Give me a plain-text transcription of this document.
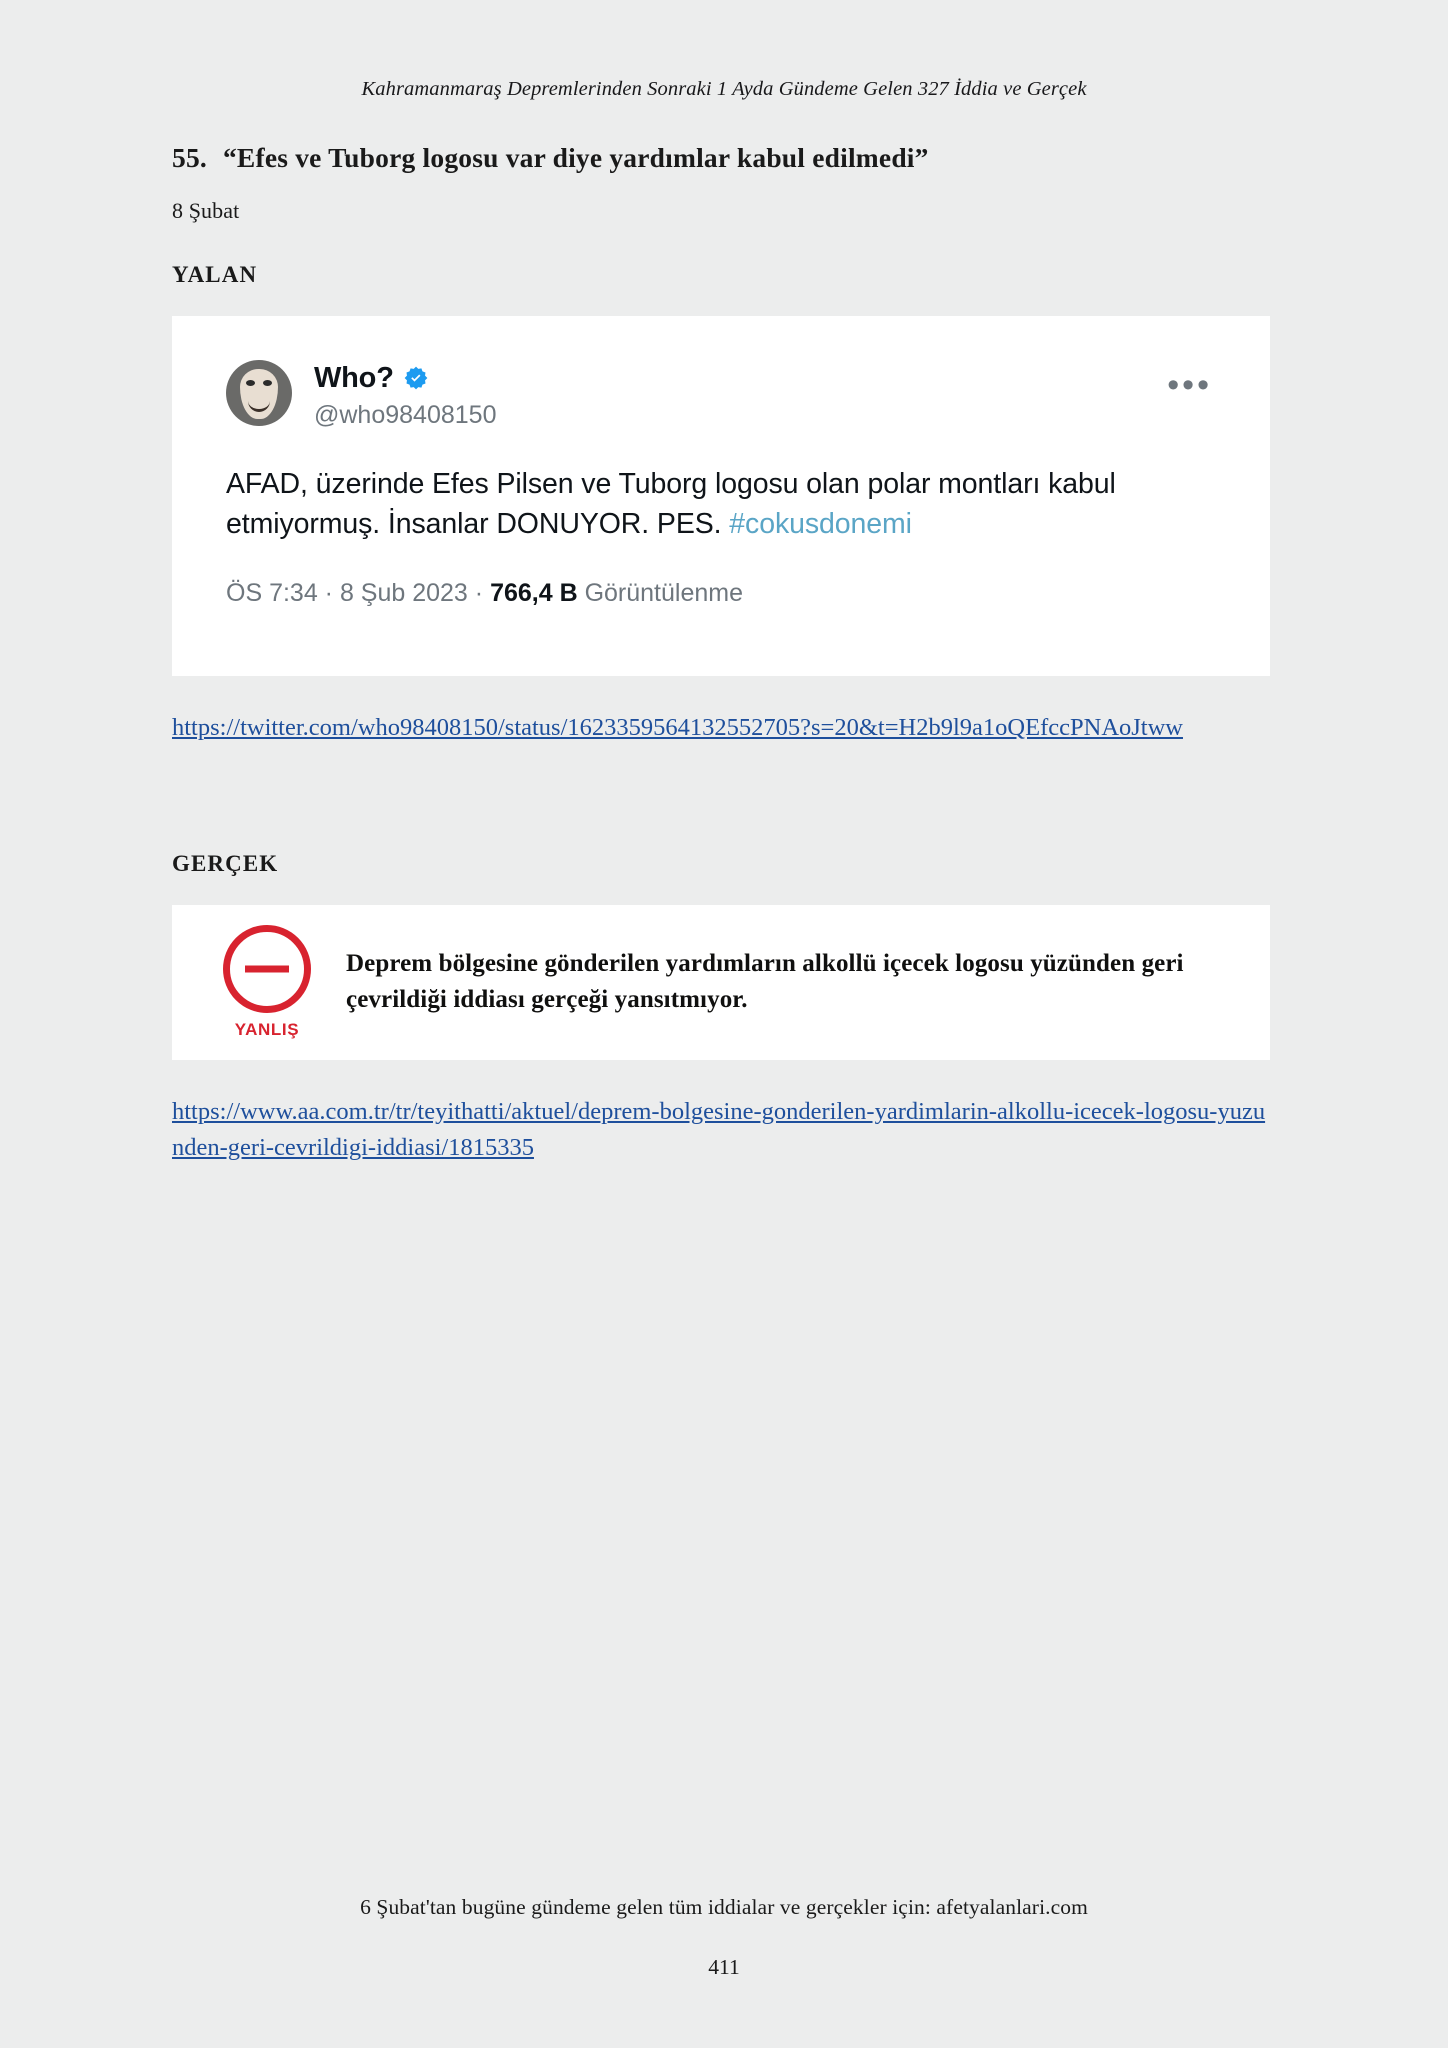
Kahramanmaraş Depremlerinden Sonraki 1 Ayda Gündeme Gelen 327 İddia ve Gerçek
55. “Efes ve Tuborg logosu var diye yardımlar kabul edilmedi”
8 Şubat
YALAN
•••
Who?
@who98408150
AFAD, üzerinde Efes Pilsen ve Tuborg logosu olan polar montları kabul etmiyormuş. İnsanlar DONUYOR. PES. #cokusdonemi
ÖS 7:34 · 8 Şub 2023 · 766,4 B Görüntülenme
https://twitter.com/who98408150/status/1623359564132552705?s=20&t=H2b9l9a1oQEfccPNAoJtww
GERÇEK
YANLIŞ
Deprem bölgesine gönderilen yardımların alkollü içecek logosu yüzünden geri çevrildiği iddiası gerçeği yansıtmıyor.
https://www.aa.com.tr/tr/teyithatti/aktuel/deprem-bolgesine-gonderilen-yardimlarin-alkollu-icecek-logosu-yuzunden-geri-cevrildigi-iddiasi/1815335
6 Şubat'tan bugüne gündeme gelen tüm iddialar ve gerçekler için: afetyalanlari.com
411
